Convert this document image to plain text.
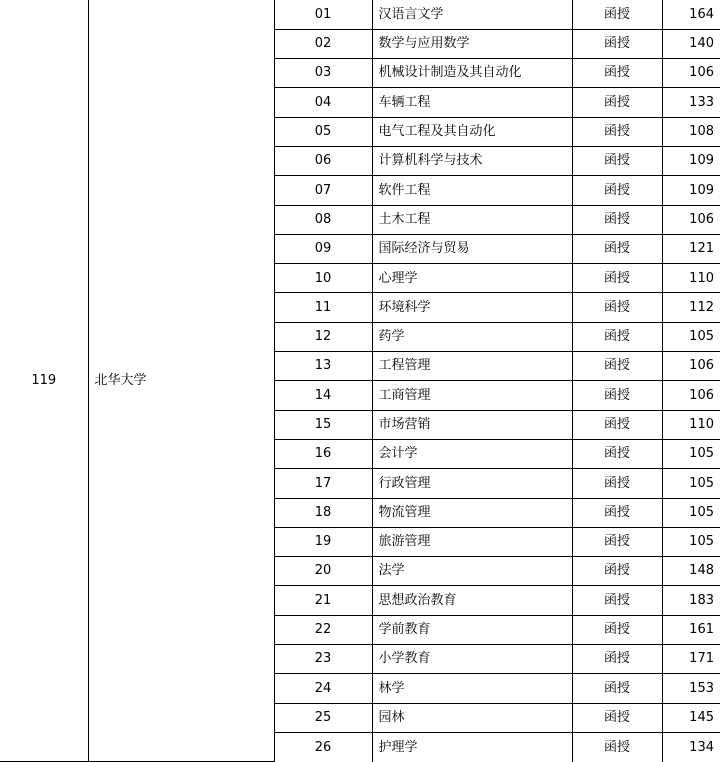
119	北华大学	01	汉语言文学	函授	164
		02	数学与应用数学	函授	140
		03	机械设计制造及其自动化	函授	106
		04	车辆工程	函授	133
		05	电气工程及其自动化	函授	108
		06	计算机科学与技术	函授	109
		07	软件工程	函授	109
		08	土木工程	函授	106
		09	国际经济与贸易	函授	121
		10	心理学	函授	110
		11	环境科学	函授	112
		12	药学	函授	105
		13	工程管理	函授	106
		14	工商管理	函授	106
		15	市场营销	函授	110
		16	会计学	函授	105
		17	行政管理	函授	105
		18	物流管理	函授	105
		19	旅游管理	函授	105
		20	法学	函授	148
		21	思想政治教育	函授	183
		22	学前教育	函授	161
		23	小学教育	函授	171
		24	林学	函授	153
		25	园林	函授	145
		26	护理学	函授	134
